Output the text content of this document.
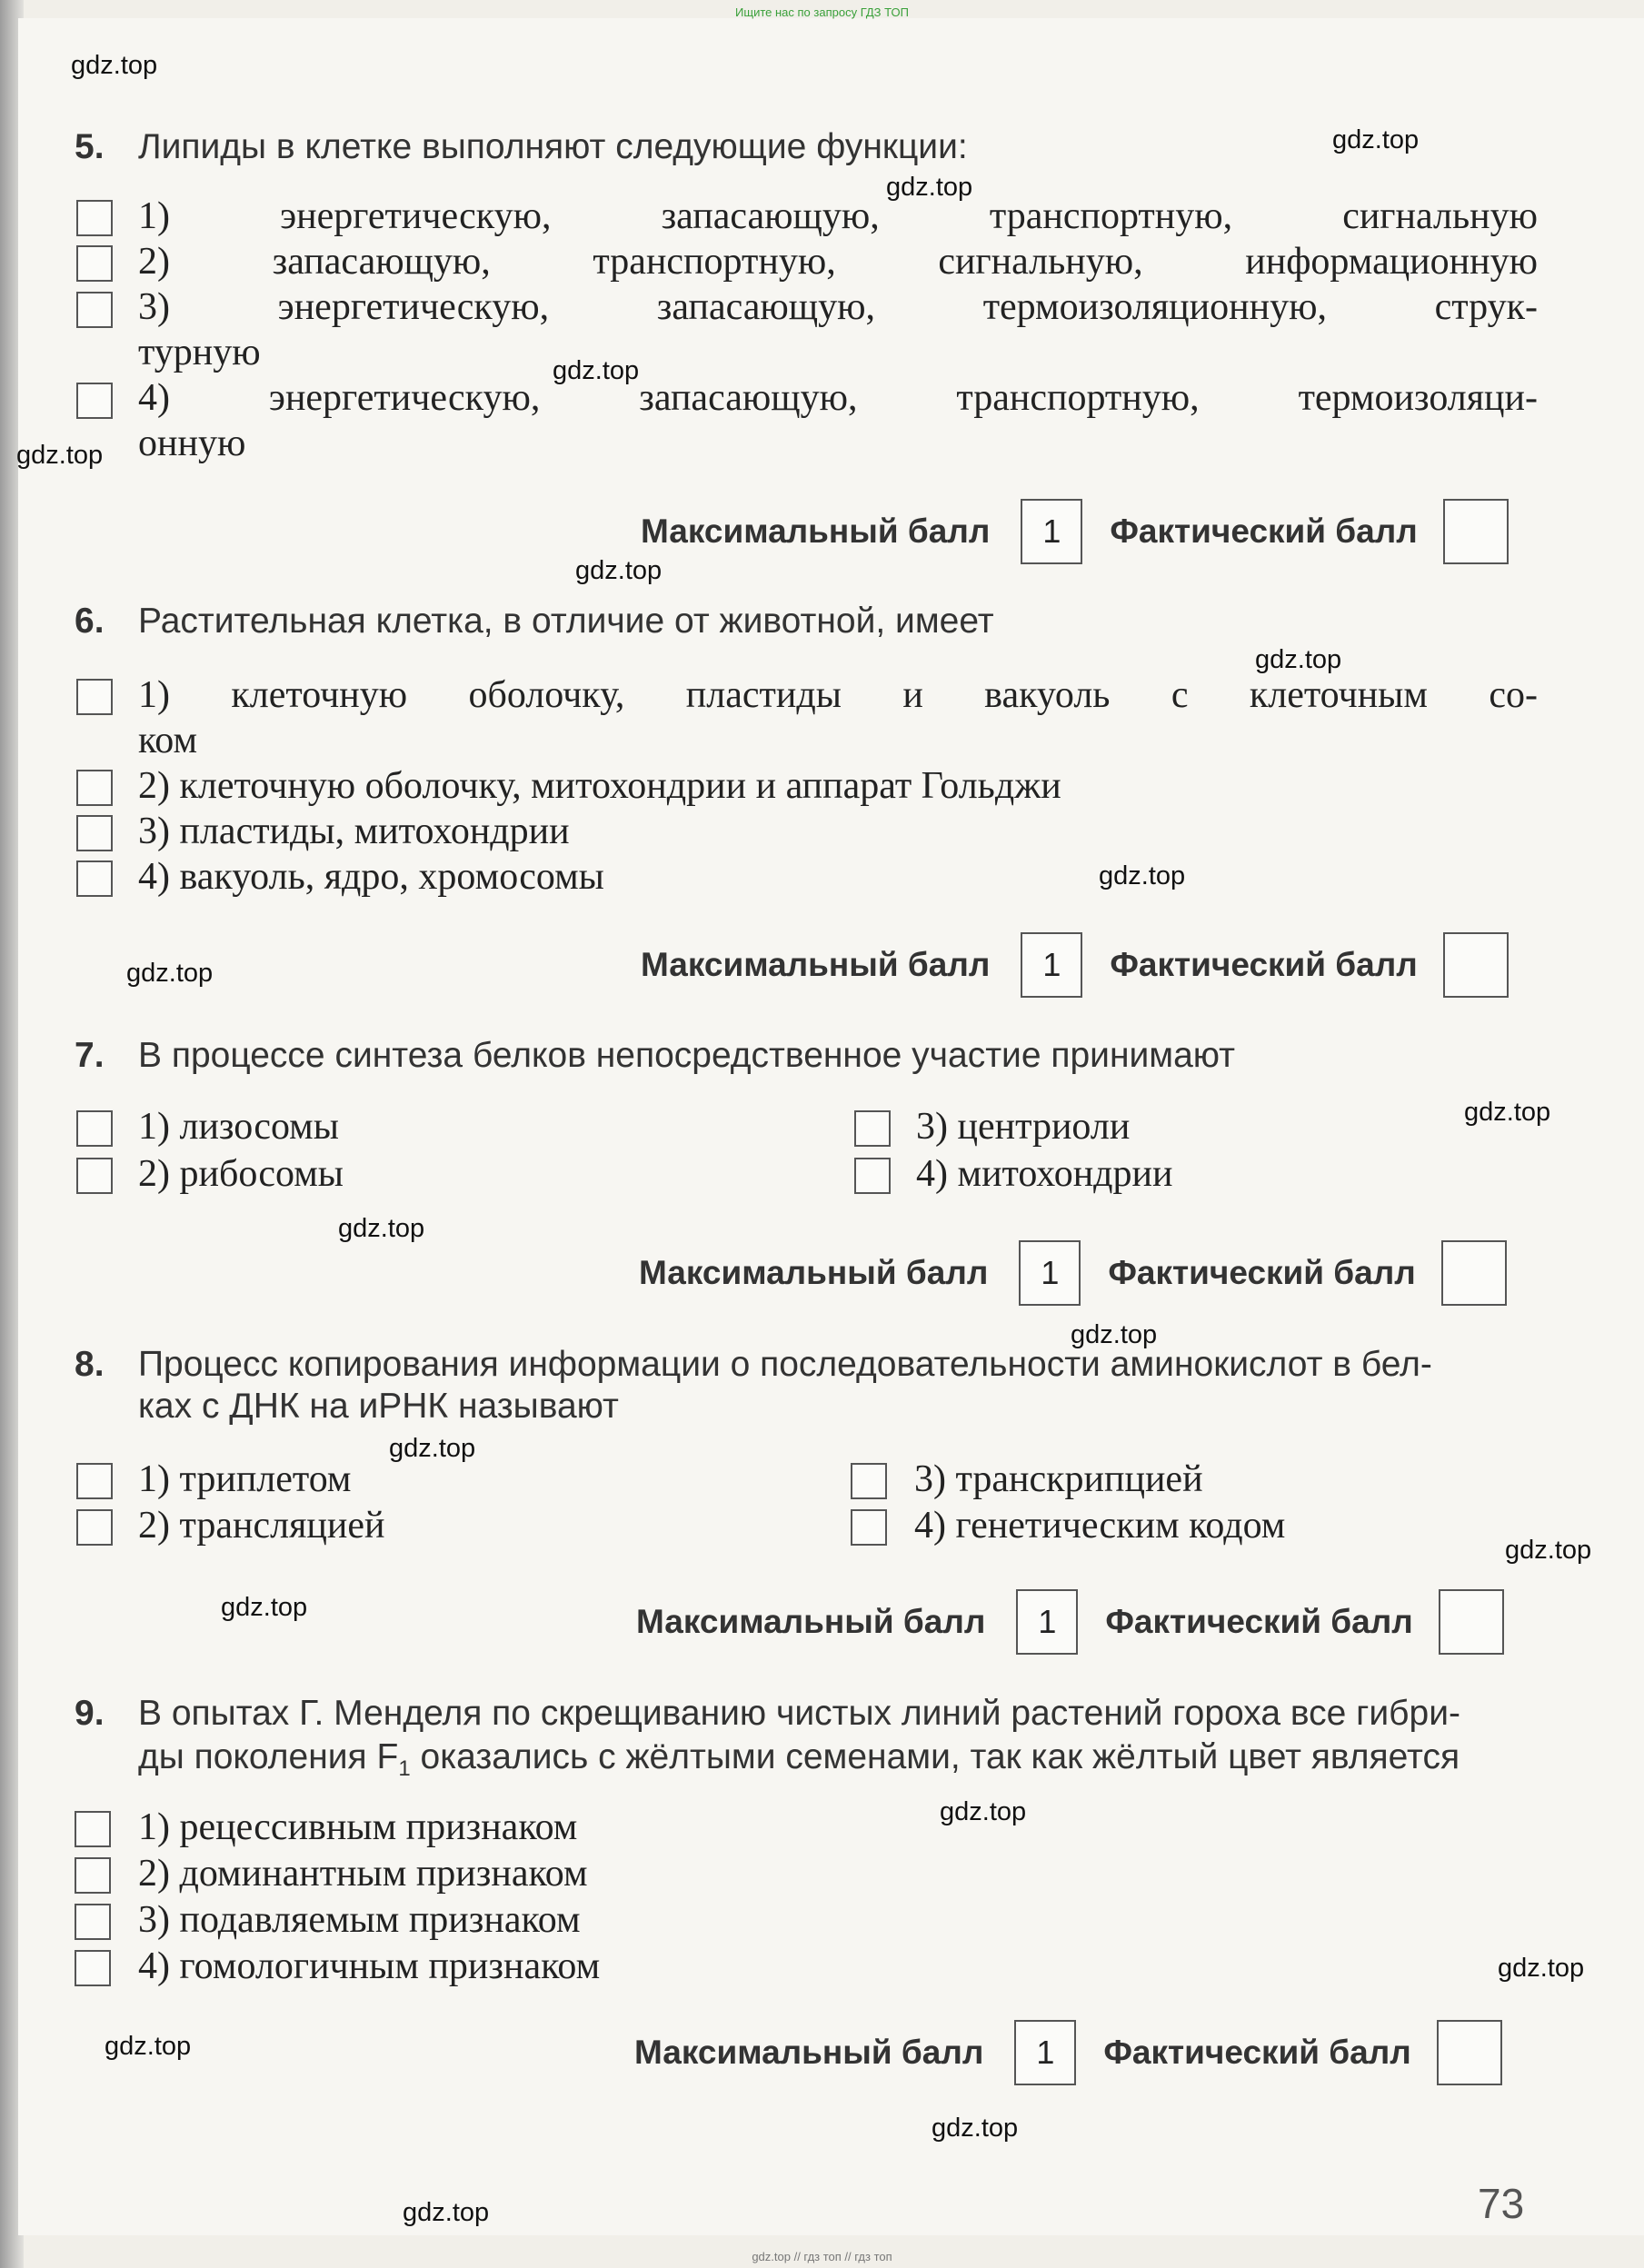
Ищите нас по запросу ГДЗ ТОП
gdz.top
gdz.top
gdz.top
gdz.top
gdz.top
gdz.top
gdz.top
gdz.top
gdz.top
gdz.top
gdz.top
gdz.top
gdz.top
gdz.top
gdz.top
gdz.top
gdz.top
gdz.top
gdz.top
gdz.top
5. Липиды в клетке выполняют следующие функции:
1) энергетическую, запасающую, транспортную, сигнальную
2) запасающую, транспортную, сигнальную, информационную
3) энергетическую, запасающую, термоизоляционную, струк-
турную
4) энергетическую, запасающую, транспортную, термоизоляци-
онную
Максимальный балл	1	Фактический балл
6. Растительная клетка, в отличие от животной, имеет
1) клеточную оболочку, пластиды и вакуоль с клеточным со-
ком
2) клеточную оболочку, митохондрии и аппарат Гольджи
3) пластиды, митохондрии
4) вакуоль, ядро, хромосомы
Максимальный балл	1	Фактический балл
7. В процессе синтеза белков непосредственное участие принимают
1) лизосомы
2) рибосомы
3) центриоли
4) митохондрии
Максимальный балл	1	Фактический балл
8. Процесс копирования информации о последовательности аминокислот в бел-
ках с ДНК на иРНК называют
1) триплетом
2) трансляцией
3) транскрипцией
4) генетическим кодом
Максимальный балл	1	Фактический балл
9. В опытах Г. Менделя по скрещиванию чистых линий растений гороха все гибри-
ды поколения $F_1$ оказались с жёлтыми семенами, так как жёлтый цвет является
1) рецессивным признаком
2) доминантным признаком
3) подавляемым признаком
4) гомологичным признаком
Максимальный балл	1	Фактический балл
73
gdz.top // гдз топ // гдз топ
